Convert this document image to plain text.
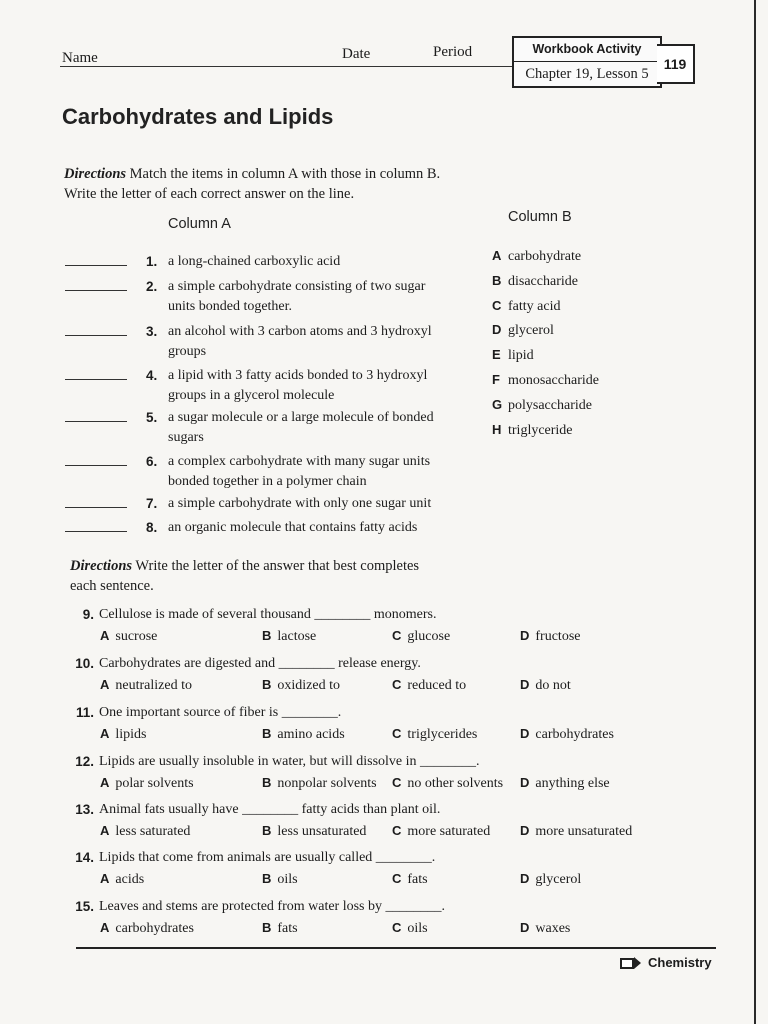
Name	Date	Period	Workbook Activity
Chapter 19, Lesson 5
119
Carbohydrates and Lipids
Directions Match the items in column A with those in column B.
Write the letter of each correct answer on the line.
Column A	Column B
1. a long-chained carboxylic acid
2. a simple carbohydrate consisting of two sugar
units bonded together.
3. an alcohol with 3 carbon atoms and 3 hydroxyl
groups
4. a lipid with 3 fatty acids bonded to 3 hydroxyl
groups in a glycerol molecule
5. a sugar molecule or a large molecule of bonded
sugars
6. a complex carbohydrate with many sugar units
bonded together in a polymer chain
7. a simple carbohydrate with only one sugar unit
8. an organic molecule that contains fatty acids
A carbohydrate
B disaccharide
C fatty acid
D glycerol
E lipid
F monosaccharide
G polysaccharide
H triglyceride
Directions Write the letter of the answer that best completes
each sentence.
9. Cellulose is made of several thousand ________ monomers.
A sucrose	B lactose	C glucose	D fructose
10. Carbohydrates are digested and ________ release energy.
A neutralized to	B oxidized to	C reduced to	D do not
11. One important source of fiber is ________.
A lipids	B amino acids	C triglycerides	D carbohydrates
12. Lipids are usually insoluble in water, but will dissolve in ________.
A polar solvents	B nonpolar solvents C no other solvents D anything else
13. Animal fats usually have ________ fatty acids than plant oil.
A less saturated	B less unsaturated C more saturated D more unsaturated
14. Lipids that come from animals are usually called ________.
A acids	B oils	C fats	D glycerol
15. Leaves and stems are protected from water loss by ________.
A carbohydrates	B fats	C oils	D waxes
Chemistry
